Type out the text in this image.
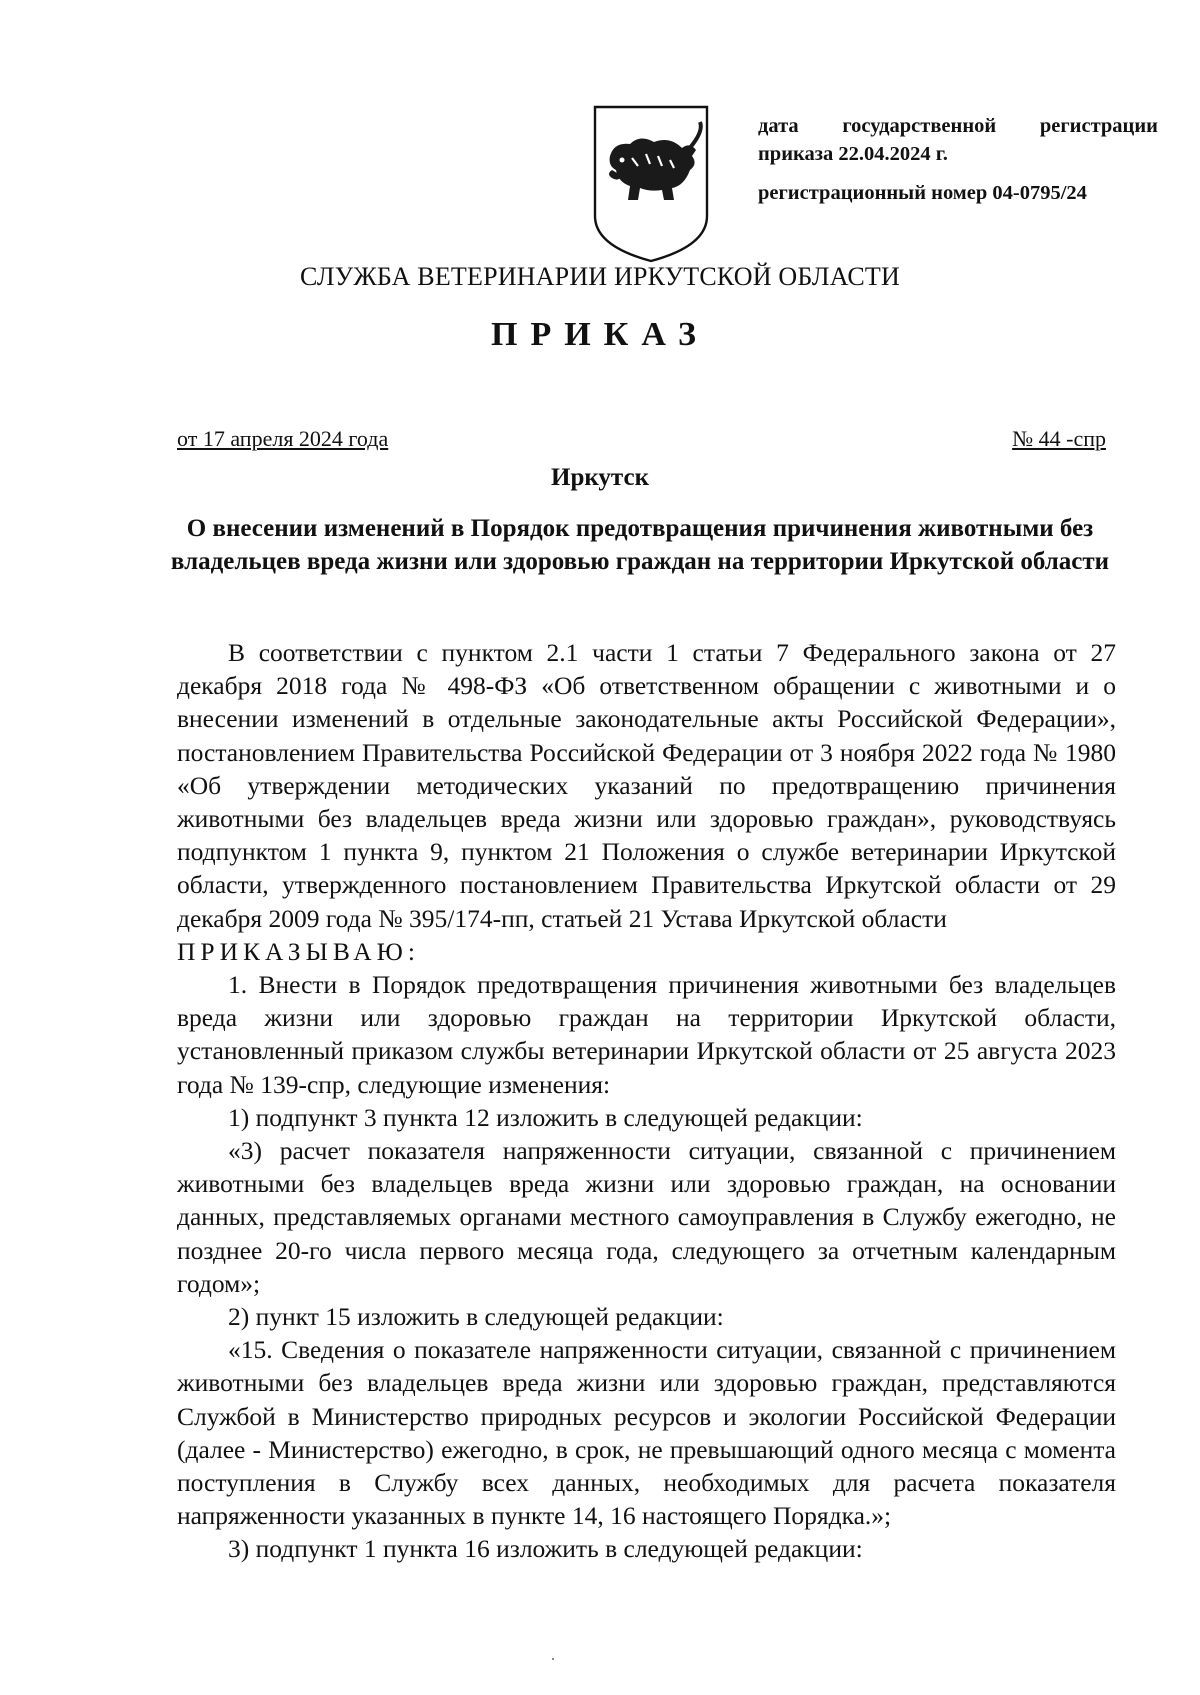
дата государственной регистрации
приказа 22.04.2024 г.
регистрационный номер 04-0795/24
СЛУЖБА ВЕТЕРИНАРИИ ИРКУТСКОЙ ОБЛАСТИ
ПРИКАЗ
от 17 апреля 2024 года	№ 44 -спр
Иркутск
О внесении изменений в Порядок предотвращения причинения животными без владельцев вреда жизни или здоровью граждан на территории Иркутской области

В соответствии с пунктом 2.1 части 1 статьи 7 Федерального закона от 27 декабря 2018 года № 498-ФЗ «Об ответственном обращении с животными и о внесении изменений в отдельные законодательные акты Российской Федерации», постановлением Правительства Российской Федерации от 3 ноября 2022 года № 1980 «Об утверждении методических указаний по предотвращению причинения животными без владельцев вреда жизни или здоровью граждан», руководствуясь подпунктом 1 пункта 9, пунктом 21 Положения о службе ветеринарии Иркутской области, утвержденного постановлением Правительства Иркутской области от 29 декабря 2009 года № 395/174-пп, статьей 21 Устава Иркутской области

ПРИКАЗЫВАЮ:

1. Внести в Порядок предотвращения причинения животными без владельцев вреда жизни или здоровью граждан на территории Иркутской области, установленный приказом службы ветеринарии Иркутской области от 25 августа 2023 года № 139-спр, следующие изменения:

1) подпункт 3 пункта 12 изложить в следующей редакции:

«3) расчет показателя напряженности ситуации, связанной с причинением животными без владельцев вреда жизни или здоровью граждан, на основании данных, представляемых органами местного самоуправления в Службу ежегодно, не позднее 20-го числа первого месяца года, следующего за отчетным календарным годом»;

2) пункт 15 изложить в следующей редакции:

«15. Сведения о показателе напряженности ситуации, связанной с причинением животными без владельцев вреда жизни или здоровью граждан, представляются Службой в Министерство природных ресурсов и экологии Российской Федерации (далее - Министерство) ежегодно, в срок, не превышающий одного месяца с момента поступления в Службу всех данных, необходимых для расчета показателя напряженности указанных в пункте 14, 16 настоящего Порядка.»;

3) подпункт 1 пункта 16 изложить в следующей редакции:
